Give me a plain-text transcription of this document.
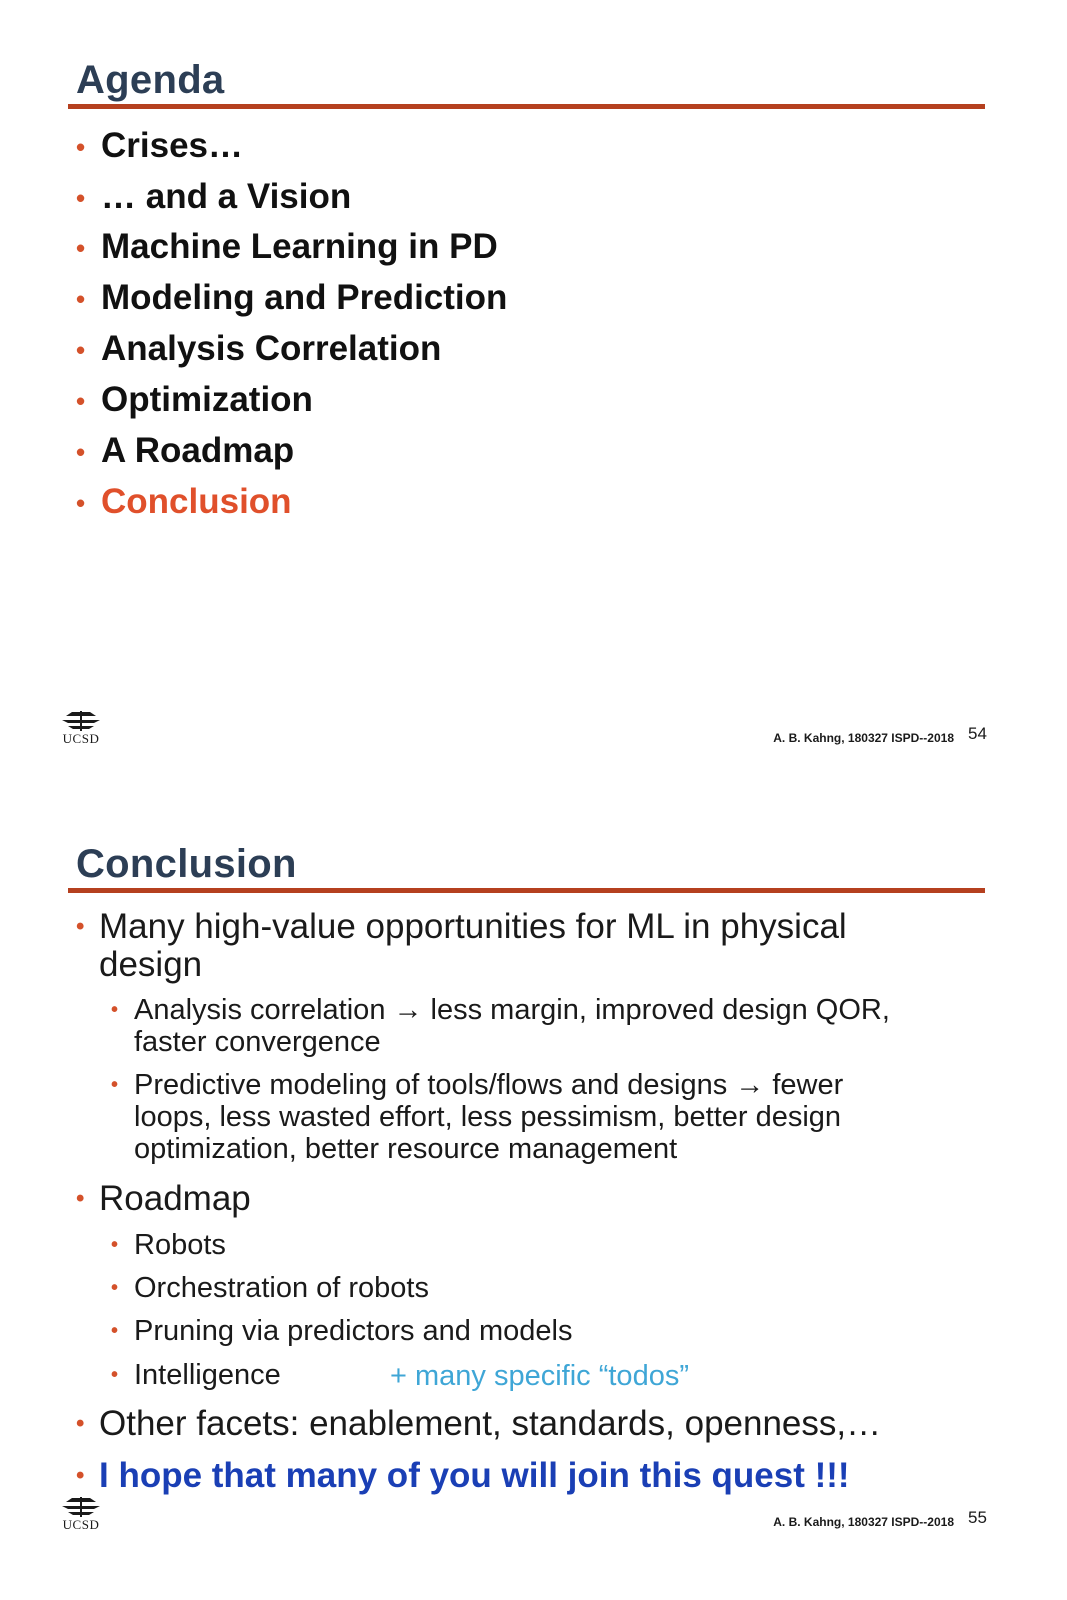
Agenda
• Crises…
• … and a Vision
• Machine Learning in PD
• Modeling and Prediction
• Analysis Correlation
• Optimization
• A Roadmap
• Conclusion
UCSD	A. B. Kahng, 180327 ISPD--2018 54
Conclusion
• Many high-value opportunities for ML in physical
design
• Analysis correlation → less margin, improved design QOR,
faster convergence
• Predictive modeling of tools/flows and designs → fewer
loops, less wasted effort, less pessimism, better design
optimization, better resource management
• Roadmap
• Robots
• Orchestration of robots
• Pruning via predictors and models
• Intelligence	+ many specific “todos”
• Other facets: enablement, standards, openness,…
• I hope that many of you will join this quest !!!
UCSD	A. B. Kahng, 180327 ISPD--2018 55
